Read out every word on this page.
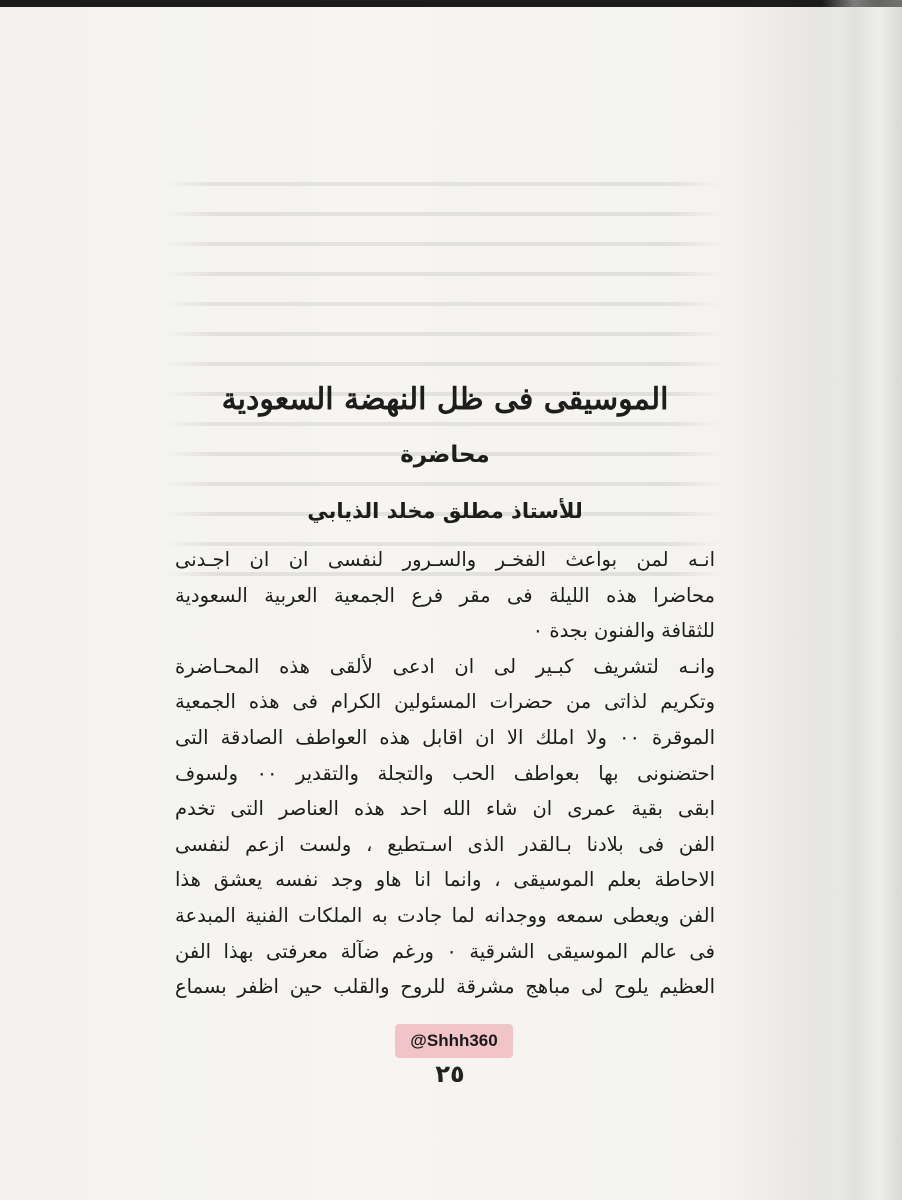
الموسيقى فى ظل النهضة السعودية
محاضرة
للأستاذ مطلق مخلد الذيابي
انـه لمن بواعث الفخـر والسـرور لنفسى ان ان اجـدنى
محاضرا هذه الليلة فى مقر فرع الجمعية العربية السعودية
للثقافة والفنون بجدة ٠
وانـه لتشريف كبـير لى ان ادعى لألقى هذه المحـاضرة
وتكريم لذاتى من حضرات المسئولين الكرام فى هذه الجمعية
الموقرة ٠٠ ولا املك الا ان اقابل هذه العواطف الصادقة التى
احتضنونى بها بعواطف الحب والتجلة والتقدير ٠٠ ولسوف
ابقى بقية عمرى ان شاء الله احد هذه العناصر التى تخدم
الفن فى بلادنا بـالقدر الذى اسـتطيع ، ولست ازعم لنفسى
الاحاطة بعلم الموسيقى ، وانما انا هاو وجد نفسه يعشق هذا
الفن ويعطى سمعه ووجدانه لما جادت به الملكات الفنية المبدعة
فى عالم الموسيقى الشرقية ٠ ورغم ضآلة معرفتى بهذا الفن
العظيم يلوح لى مباهج مشرقة للروح والقلب حين اظفر بسماع
@Shhh360
٢٥
